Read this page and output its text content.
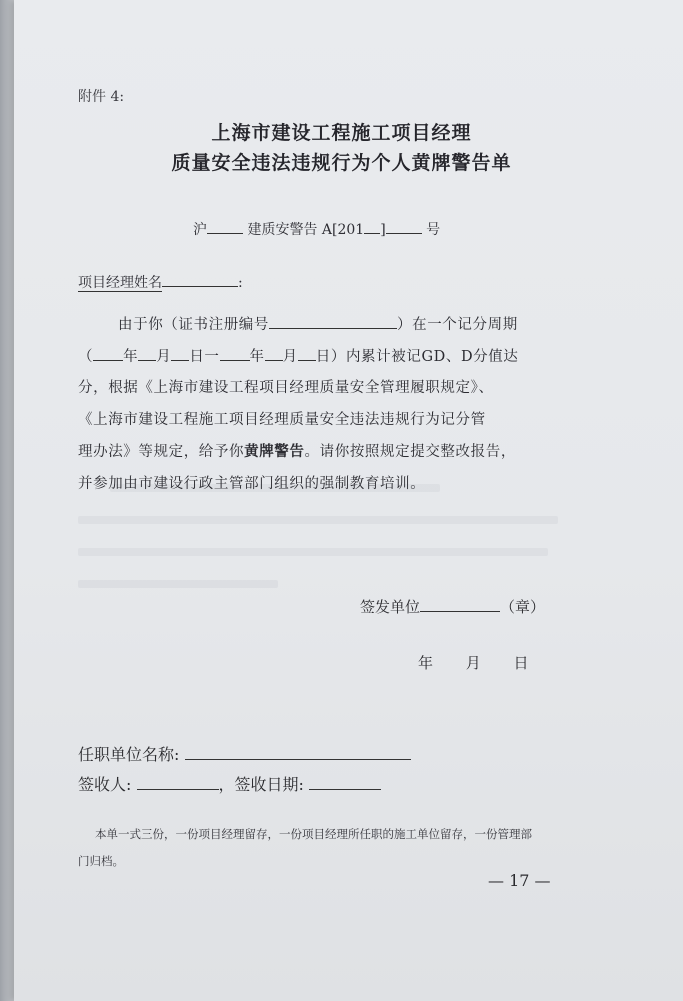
附件 4:
上海市建设工程施工项目经理
质量安全违法违规行为个人黄牌警告单
沪	建质安警告 A[201 ]	号
项目经理姓名	:
由于你（证书注册编号	）在一个记分周期
（ 年 月 日一 年 月 日）内累计被记GD、D分值达
分，根据《上海市建设工程项目经理质量安全管理履职规定》、
《上海市建设工程施工项目经理质量安全违法违规行为记分管
理办法》等规定，给予你黄牌警告。请你按照规定提交整改报告，
并参加由市建设行政主管部门组织的强制教育培训。
签发单位	（章）
年 月 日
任职单位名称:
签收人:	，签收日期:
本单一式三份，一份项目经理留存，一份项目经理所任职的施工单位留存，一份管理部
门归档。
— 17 —
